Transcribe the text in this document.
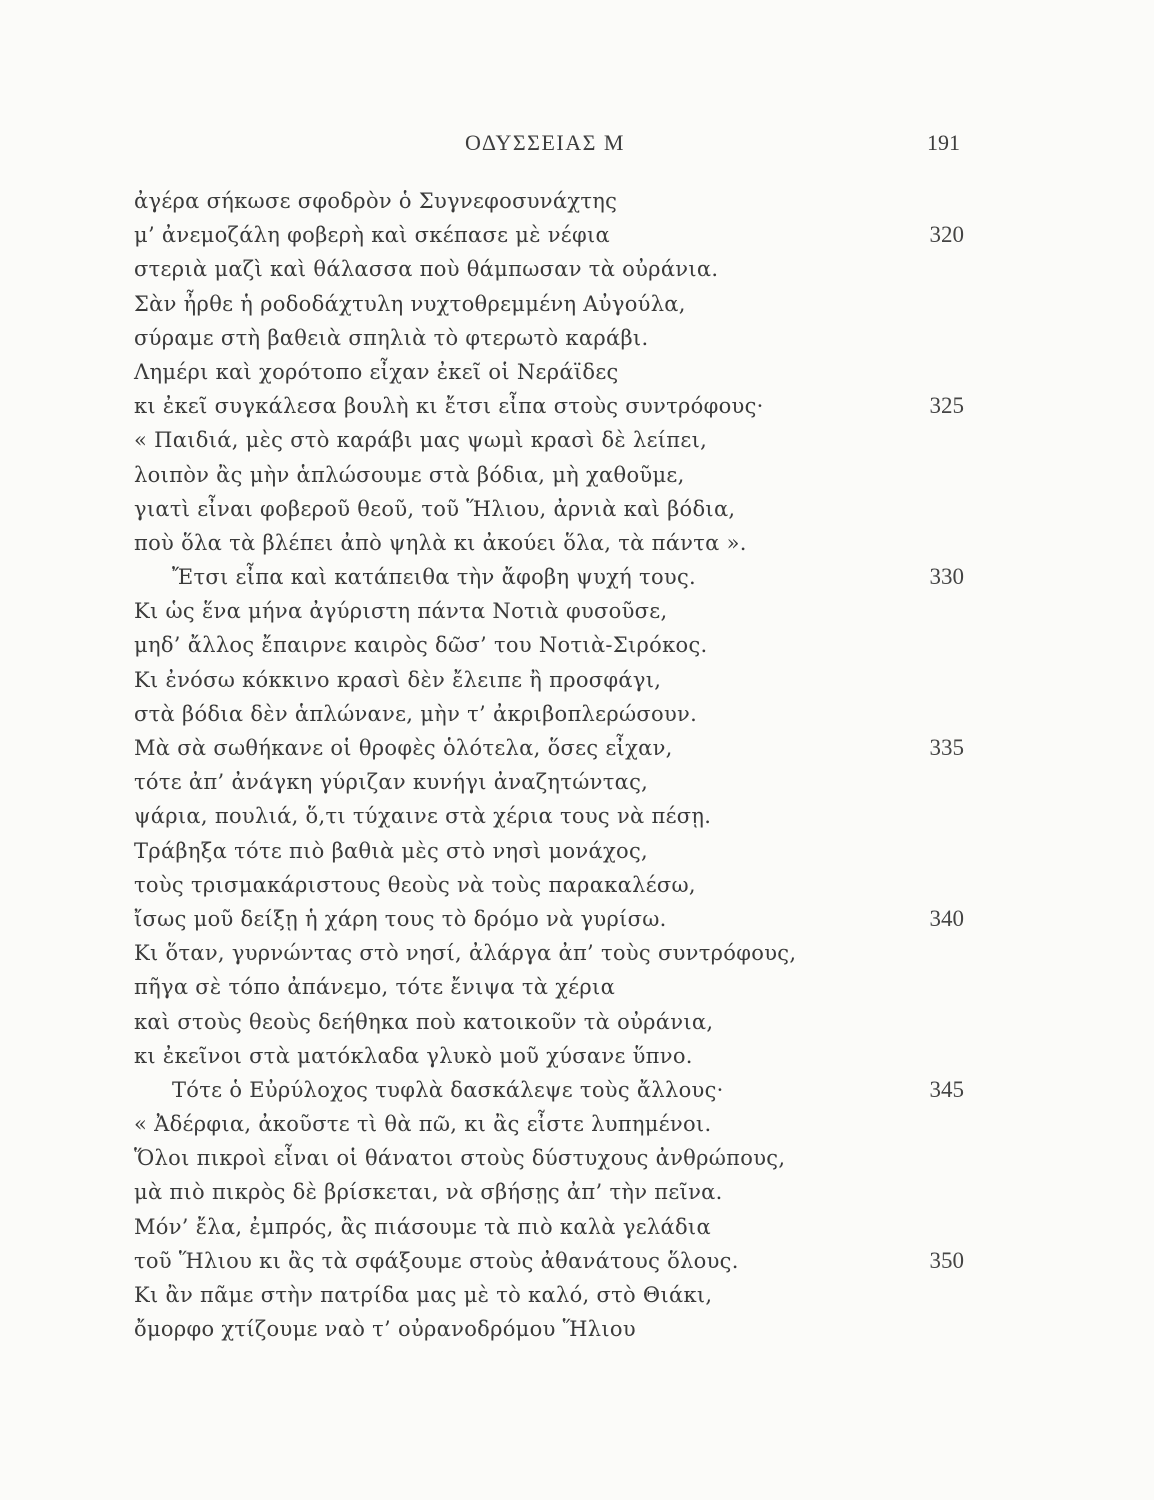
ΟΔΥΣΣΕΙΑΣ Μ	191
ἀγέρα σήκωσε σφοδρὸν ὁ Συγνεφοσυνάχτης
μ’ ἀνεμοζάλη φοβερὴ καὶ σκέπασε μὲ νέφια	320
στεριὰ μαζὶ καὶ θάλασσα ποὺ θάμπωσαν τὰ οὐράνια.
Σὰν ἦρθε ἡ ροδοδάχτυλη νυχτοθρεμμένη Αὐγούλα,
σύραμε στὴ βαθειὰ σπηλιὰ τὸ φτερωτὸ καράβι.
Λημέρι καὶ χορότοπο εἶχαν ἐκεῖ οἱ Νεράϊδες
κι ἐκεῖ συγκάλεσα βουλὴ κι ἔτσι εἶπα στοὺς συντρόφους·	325
« Παιδιά, μὲς στὸ καράβι μας ψωμὶ κρασὶ δὲ λείπει,
λοιπὸν ἂς μὴν ἁπλώσουμε στὰ βόδια, μὴ χαθοῦμε,
γιατὶ εἶναι φοβεροῦ θεοῦ, τοῦ Ἥλιου, ἀρνιὰ καὶ βόδια,
ποὺ ὅλα τὰ βλέπει ἀπὸ ψηλὰ κι ἀκούει ὅλα, τὰ πάντα ».
Ἔτσι εἶπα καὶ κατάπειθα τὴν ἄφοβη ψυχή τους.	330
Κι ὡς ἕνα μήνα ἀγύριστη πάντα Νοτιὰ φυσοῦσε,
μηδ’ ἄλλος ἔπαιρνε καιρὸς δῶσ’ του Νοτιὰ-Σιρόκος.
Κι ἐνόσω κόκκινο κρασὶ δὲν ἔλειπε ἢ προσφάγι,
στὰ βόδια δὲν ἁπλώνανε, μὴν τ’ ἀκριβοπλερώσουν.
Μὰ σὰ σωθήκανε οἱ θροφὲς ὁλότελα, ὅσες εἶχαν,	335
τότε ἀπ’ ἀνάγκη γύριζαν κυνήγι ἀναζητώντας,
ψάρια, πουλιά, ὅ,τι τύχαινε στὰ χέρια τους νὰ πέσῃ.
Τράβηξα τότε πιὸ βαθιὰ μὲς στὸ νησὶ μονάχος,
τοὺς τρισμακάριστους θεοὺς νὰ τοὺς παρακαλέσω,
ἴσως μοῦ δείξῃ ἡ χάρη τους τὸ δρόμο νὰ γυρίσω.	340
Κι ὅταν, γυρνώντας στὸ νησί, ἀλάργα ἀπ’ τοὺς συντρόφους,
πῆγα σὲ τόπο ἀπάνεμο, τότε ἔνιψα τὰ χέρια
καὶ στοὺς θεοὺς δεήθηκα ποὺ κατοικοῦν τὰ οὐράνια,
κι ἐκεῖνοι στὰ ματόκλαδα γλυκὸ μοῦ χύσανε ὕπνο.
Τότε ὁ Εὐρύλοχος τυφλὰ δασκάλεψε τοὺς ἄλλους·	345
« Ἀδέρφια, ἀκοῦστε τὶ θὰ πῶ, κι ἂς εἶστε λυπημένοι.
Ὅλοι πικροὶ εἶναι οἱ θάνατοι στοὺς δύστυχους ἀνθρώπους,
μὰ πιὸ πικρὸς δὲ βρίσκεται, νὰ σβήσῃς ἀπ’ τὴν πεῖνα.
Μόν’ ἔλα, ἐμπρός, ἂς πιάσουμε τὰ πιὸ καλὰ γελάδια
τοῦ Ἥλιου κι ἂς τὰ σφάξουμε στοὺς ἀθανάτους ὅλους.	350
Κι ἂν πᾶμε στὴν πατρίδα μας μὲ τὸ καλό, στὸ Θιάκι,
ὄμορφο χτίζουμε ναὸ τ’ οὐρανοδρόμου Ἥλιου
